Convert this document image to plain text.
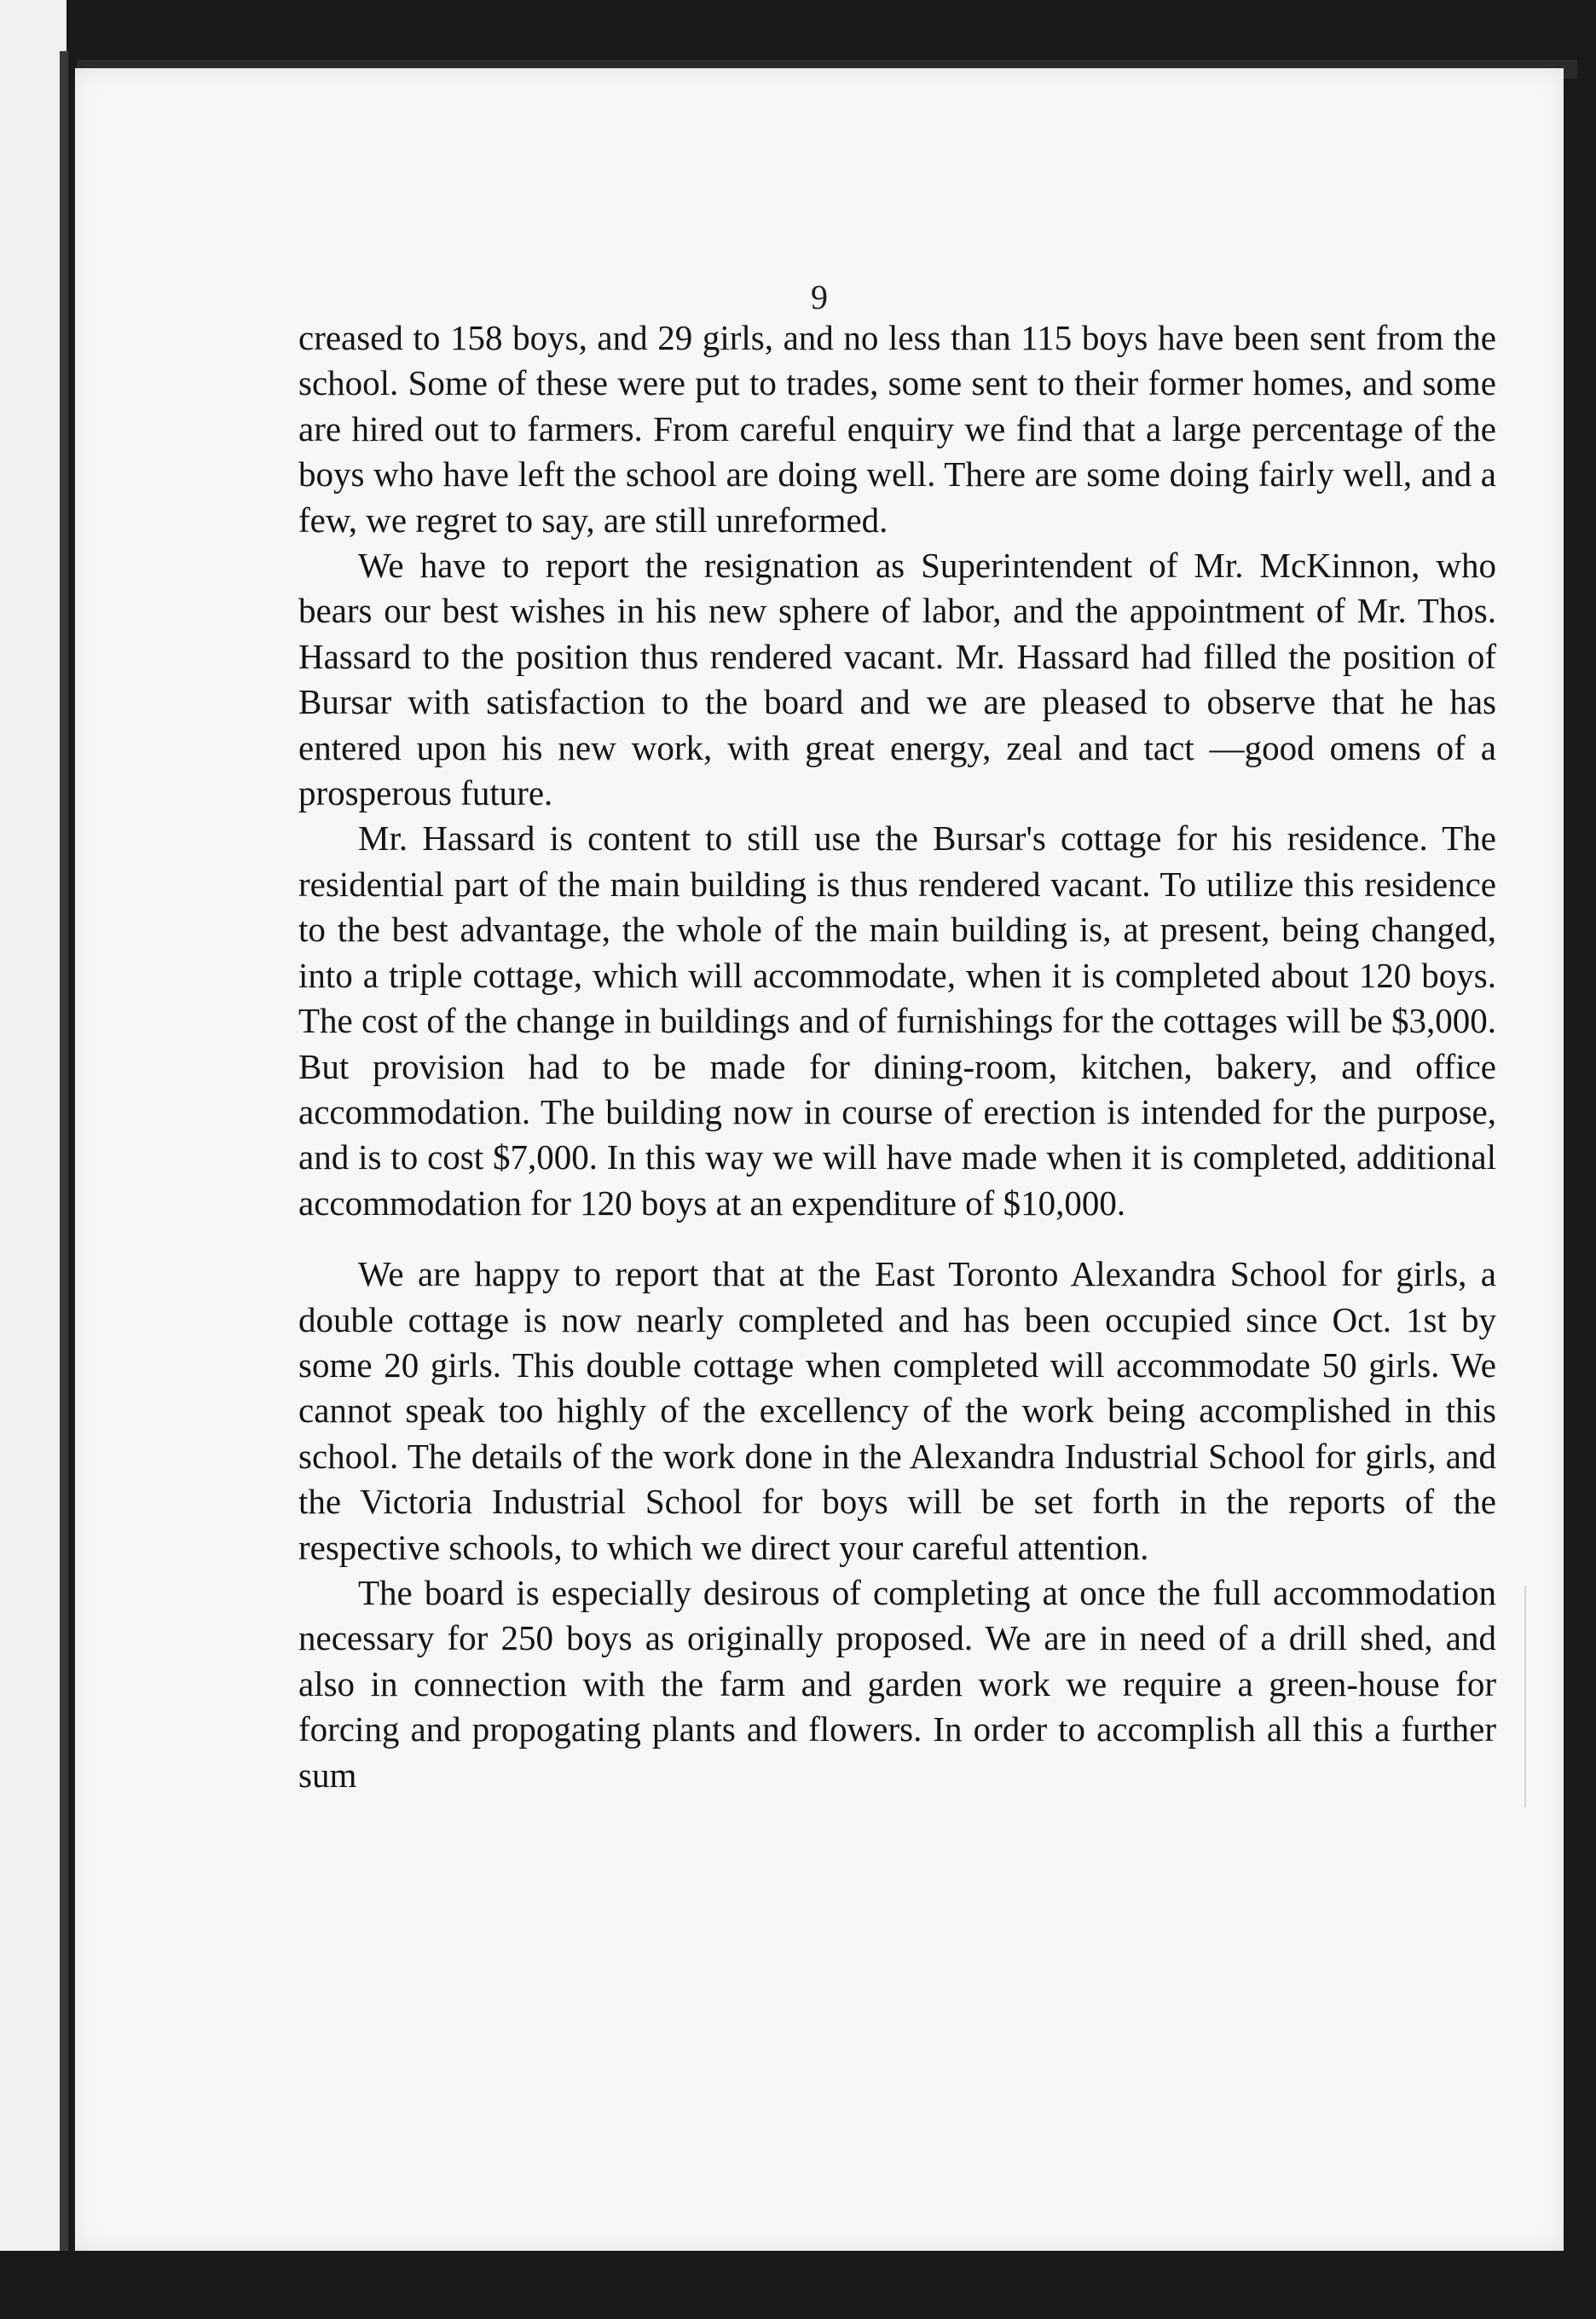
9

creased to 158 boys, and 29 girls, and no less than 115 boys have been sent from the school. Some of these were put to trades, some sent to their former homes, and some are hired out to farmers. From careful enquiry we find that a large percentage of the boys who have left the school are doing well. There are some doing fairly well, and a few, we regret to say, are still unreformed.

We have to report the resignation as Superintendent of Mr. McKinnon, who bears our best wishes in his new sphere of labor, and the appointment of Mr. Thos. Hassard to the position thus rendered vacant. Mr. Hassard had filled the position of Bursar with satisfaction to the board and we are pleased to observe that he has entered upon his new work, with great energy, zeal and tact —good omens of a prosperous future.

Mr. Hassard is content to still use the Bursar's cottage for his residence. The residential part of the main building is thus rendered vacant. To utilize this residence to the best advantage, the whole of the main building is, at present, being changed, into a triple cottage, which will accommodate, when it is completed about 120 boys. The cost of the change in buildings and of furnishings for the cottages will be $3,000. But provision had to be made for dining-room, kitchen, bakery, and office accommodation. The building now in course of erection is intended for the purpose, and is to cost $7,000. In this way we will have made when it is completed, additional accommodation for 120 boys at an expenditure of $10,000.

We are happy to report that at the East Toronto Alexandra School for girls, a double cottage is now nearly completed and has been occupied since Oct. 1st by some 20 girls. This double cottage when completed will accommodate 50 girls. We cannot speak too highly of the excellency of the work being accomplished in this school. The details of the work done in the Alexandra Industrial School for girls, and the Victoria Industrial School for boys will be set forth in the reports of the respective schools, to which we direct your careful attention.

The board is especially desirous of completing at once the full accommodation necessary for 250 boys as originally proposed. We are in need of a drill shed, and also in connection with the farm and garden work we require a green-house for forcing and propogating plants and flowers. In order to accomplish all this a further sum
